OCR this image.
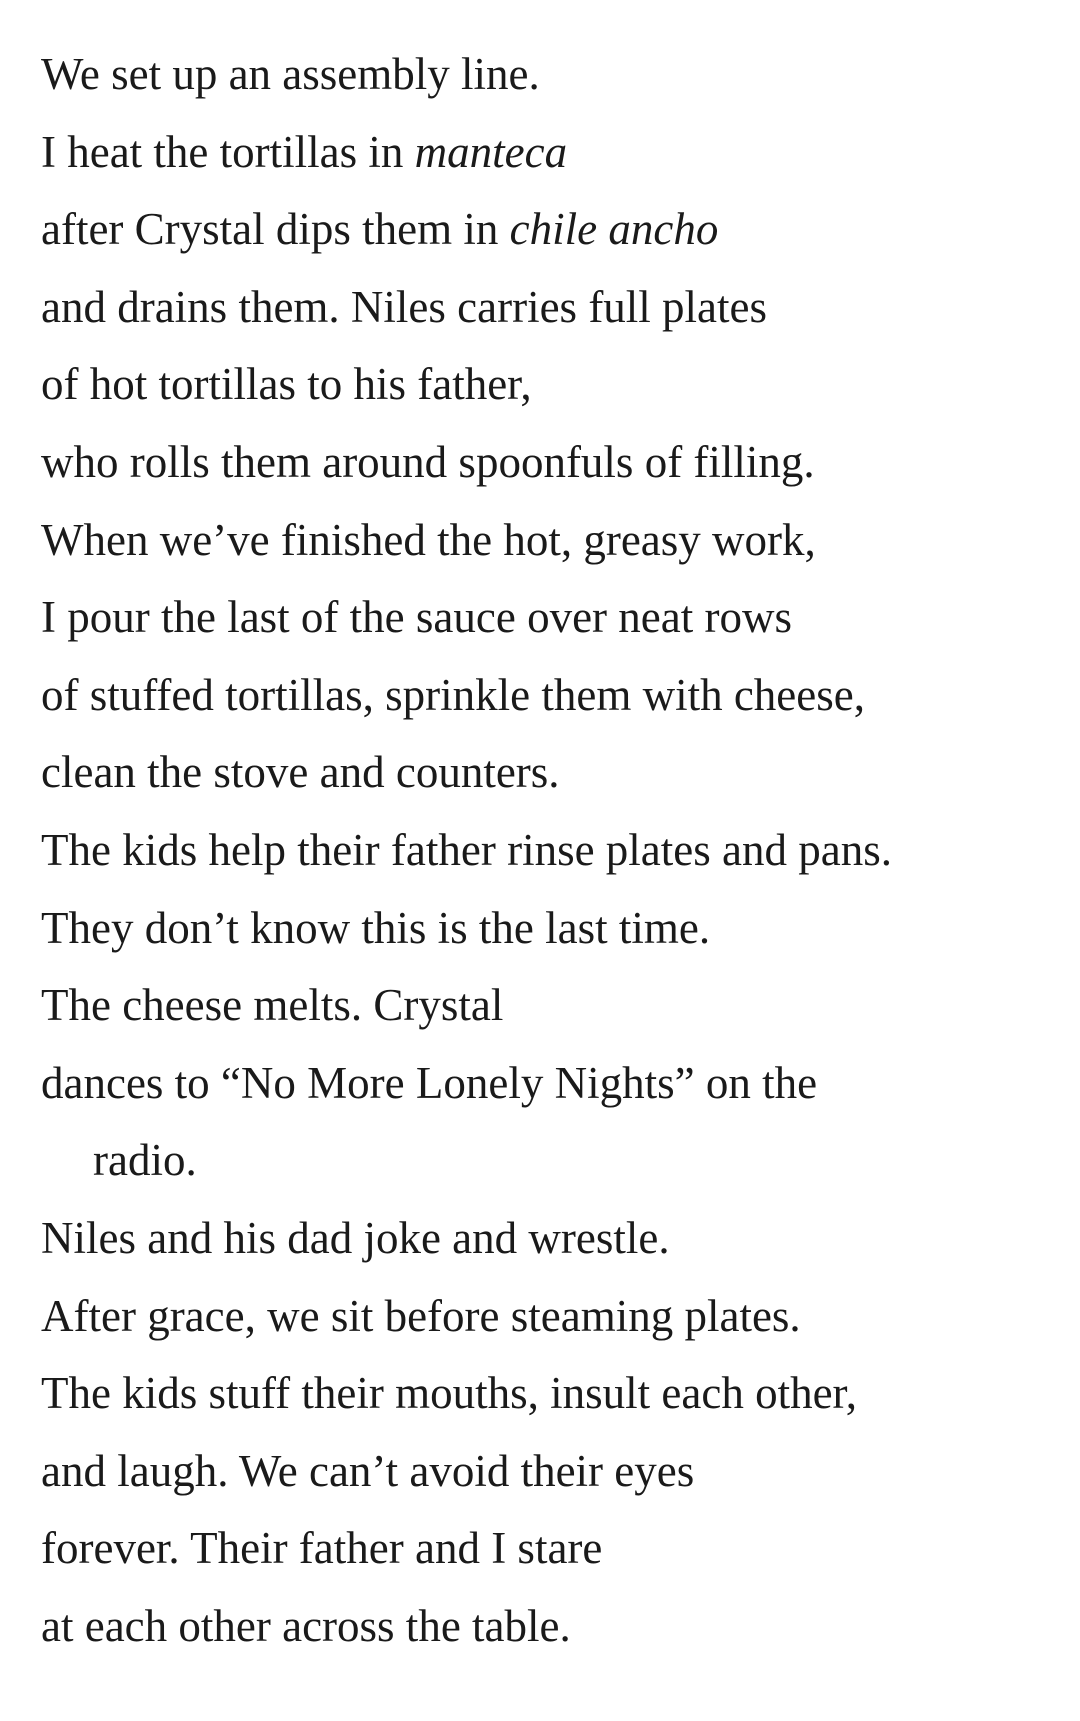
We set up an assembly line.
I heat the tortillas in manteca
after Crystal dips them in chile ancho
and drains them. Niles carries full plates
of hot tortillas to his father,
who rolls them around spoonfuls of filling.
When we’ve finished the hot, greasy work,
I pour the last of the sauce over neat rows
of stuffed tortillas, sprinkle them with cheese,
clean the stove and counters.
The kids help their father rinse plates and pans.
They don’t know this is the last time.
The cheese melts. Crystal
dances to “No More Lonely Nights” on the
radio.
Niles and his dad joke and wrestle.
After grace, we sit before steaming plates.
The kids stuff their mouths, insult each other,
and laugh. We can’t avoid their eyes
forever. Their father and I stare
at each other across the table.
